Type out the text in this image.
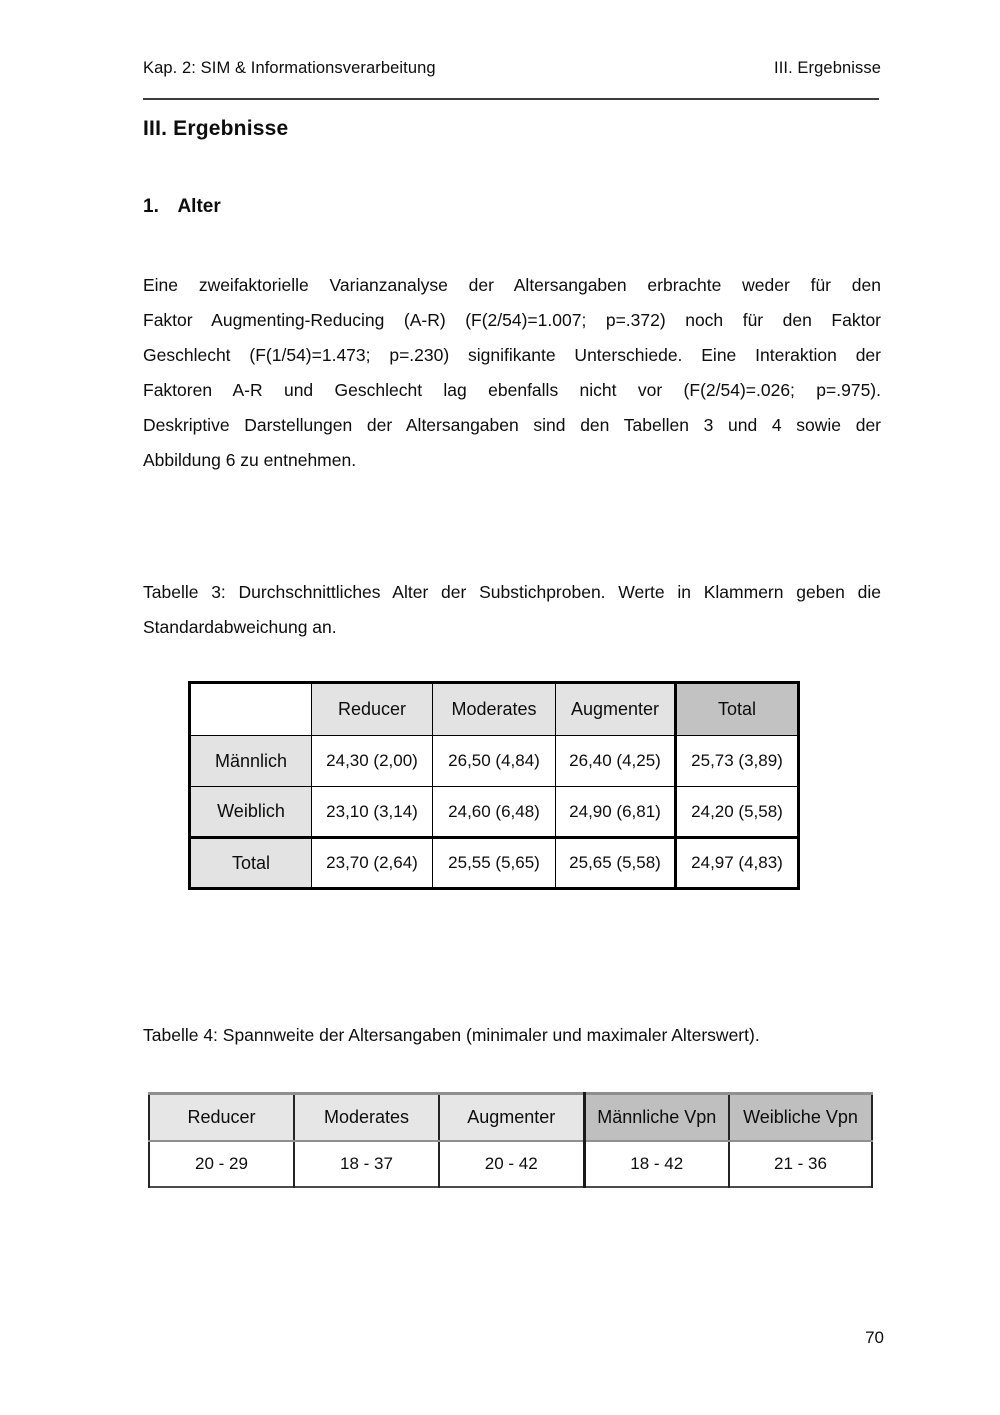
Kap. 2: SIM & Informationsverarbeitung	III. Ergebnisse
III. Ergebnisse
1. Alter
Eine zweifaktorielle Varianzanalyse der Altersangaben erbrachte weder für den
Faktor Augmenting-Reducing (A-R) (F(2/54)=1.007; p=.372) noch für den Faktor
Geschlecht (F(1/54)=1.473; p=.230) signifikante Unterschiede. Eine Interaktion der
Faktoren A-R und Geschlecht lag ebenfalls nicht vor (F(2/54)=.026; p=.975).
Deskriptive Darstellungen der Altersangaben sind den Tabellen 3 und 4 sowie der
Abbildung 6 zu entnehmen.
Tabelle 3: Durchschnittliches Alter der Substichproben. Werte in Klammern geben die
Standardabweichung an.
	Reducer	Moderates	Augmenter	Total
Männlich	24,30 (2,00)	26,50 (4,84)	26,40 (4,25)	25,73 (3,89)
Weiblich	23,10 (3,14)	24,60 (6,48)	24,90 (6,81)	24,20 (5,58)
Total	23,70 (2,64)	25,55 (5,65)	25,65 (5,58)	24,97 (4,83)
Tabelle 4: Spannweite der Altersangaben (minimaler und maximaler Alterswert).
Reducer	Moderates	Augmenter	Männliche Vpn	Weibliche Vpn
20 - 29	18 - 37	20 - 42	18 - 42	21 - 36
70
